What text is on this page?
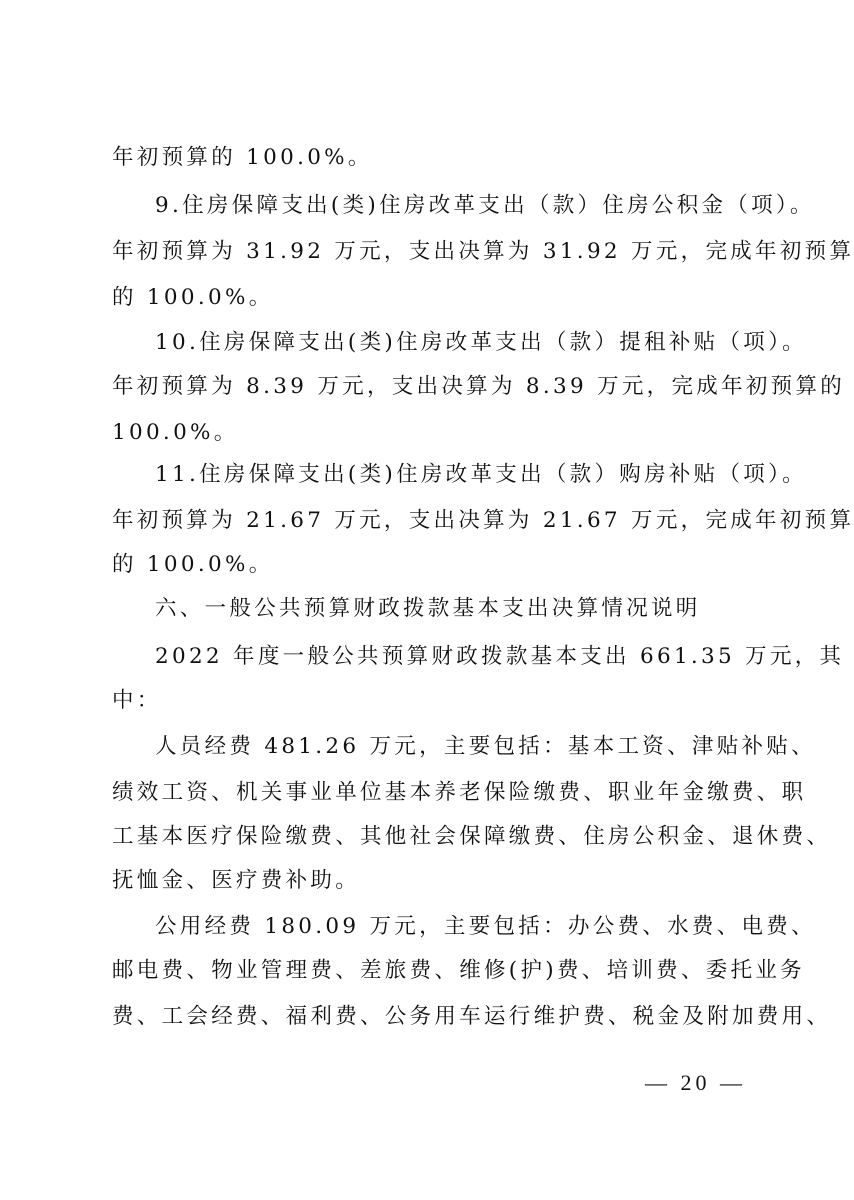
年初预算的 100.0%。
9.住房保障支出(类)住房改革支出（款）住房公积金（项）。
年初预算为 31.92 万元，支出决算为 31.92 万元，完成年初预算
的 100.0%。
10.住房保障支出(类)住房改革支出（款）提租补贴（项）。
年初预算为 8.39 万元，支出决算为 8.39 万元，完成年初预算的
100.0%。
11.住房保障支出(类)住房改革支出（款）购房补贴（项）。
年初预算为 21.67 万元，支出决算为 21.67 万元，完成年初预算
的 100.0%。
六、一般公共预算财政拨款基本支出决算情况说明
2022 年度一般公共预算财政拨款基本支出 661.35 万元，其
中：
人员经费 481.26 万元，主要包括：基本工资、津贴补贴、
绩效工资、机关事业单位基本养老保险缴费、职业年金缴费、职
工基本医疗保险缴费、其他社会保障缴费、住房公积金、退休费、
抚恤金、医疗费补助。
公用经费 180.09 万元，主要包括：办公费、水费、电费、
邮电费、物业管理费、差旅费、维修(护)费、培训费、委托业务
费、工会经费、福利费、公务用车运行维护费、税金及附加费用、
— 20 —
